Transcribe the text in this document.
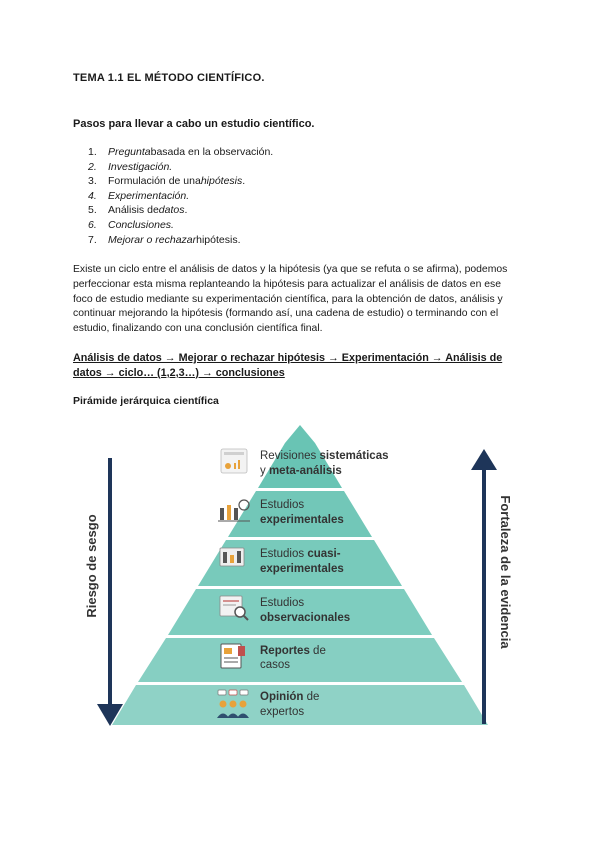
TEMA 1.1 EL MÉTODO CIENTÍFICO.
Pasos para llevar a cabo un estudio científico.
1.	Pregunta basada en la observación.
2.	Investigación.
3.	Formulación de una hipótesis .
4.	Experimentación.
5.	Análisis de datos .
6.	Conclusiones.
7.	Mejorar o rechazar hipótesis.

Existe un ciclo entre el análisis de datos y la hipótesis (ya que se refuta o se afirma), podemos perfeccionar esta misma replanteando la hipótesis para actualizar el análisis de datos en ese foco de estudio mediante su experimentación científica, para la obtención de datos, análisis y continuar mejorando la hipótesis (formando así, una cadena de estudio) o terminando con el estudio, finalizando con una conclusión científica final.

Análisis de datos → Mejorar o rechazar hipótesis → Experimentación → Análisis de datos → ciclo… (1,2,3…) → conclusiones

Pirámide jerárquica científica
Riesgo de sesgo	Fortaleza de la evidencia
Revisiones sistemáticas
y meta-análisis
Estudios
experimentales
Estudios cuasi-
experimentales
Estudios
observacionales
Reportes de
casos
Opinión de
expertos
